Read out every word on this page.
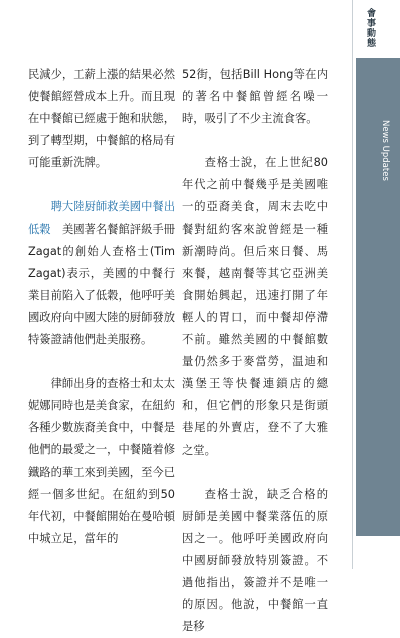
民減少，工薪上漲的結果必然使餐館經營成本上升。而且現在中餐館已經處于飽和狀態，到了轉型期，中餐館的格局有可能重新洗牌。

聘大陸厨師救美國中餐出低穀　 美國著名餐館評級手冊Zagat的創始人查格士(Tim Zagat)表示，美國的中餐行業目前陷入了低穀，他呼吁美國政府向中國大陸的厨師發放特簽證請他們赴美服務。

律師出身的查格士和太太妮娜同時也是美食家，在紐約各種少數族裔美食中，中餐是他們的最愛之一，中餐隨着修鐵路的華工來到美國，至今已經一個多世紀。在紐約到50年代初，中餐館開始在曼哈頓中城立足，當年的

52街，包括Bill Hong等在内的著名中餐館曾經名噪一時，吸引了不少主流食客。

查格士說，在上世紀80年代之前中餐幾乎是美國唯一的亞裔美食，周末去吃中餐對紐約客來說曾經是一種新潮時尚。但后來日餐、馬來餐，越南餐等其它亞洲美食開始興起，迅速打開了年輕人的胃口，而中餐却停滯不前。雖然美國的中餐館數量仍然多于麥當勞，温迪和漢堡王等快餐連鎖店的總和，但它們的形象只是街頭巷尾的外賣店，登不了大雅之堂。

查格士說，缺乏合格的厨師是美國中餐業落伍的原因之一。他呼吁美國政府向中國厨師發放特別簽證。不過他指出，簽證并不是唯一的原因。他說，中餐館一直是移

會事動態
News Updates
